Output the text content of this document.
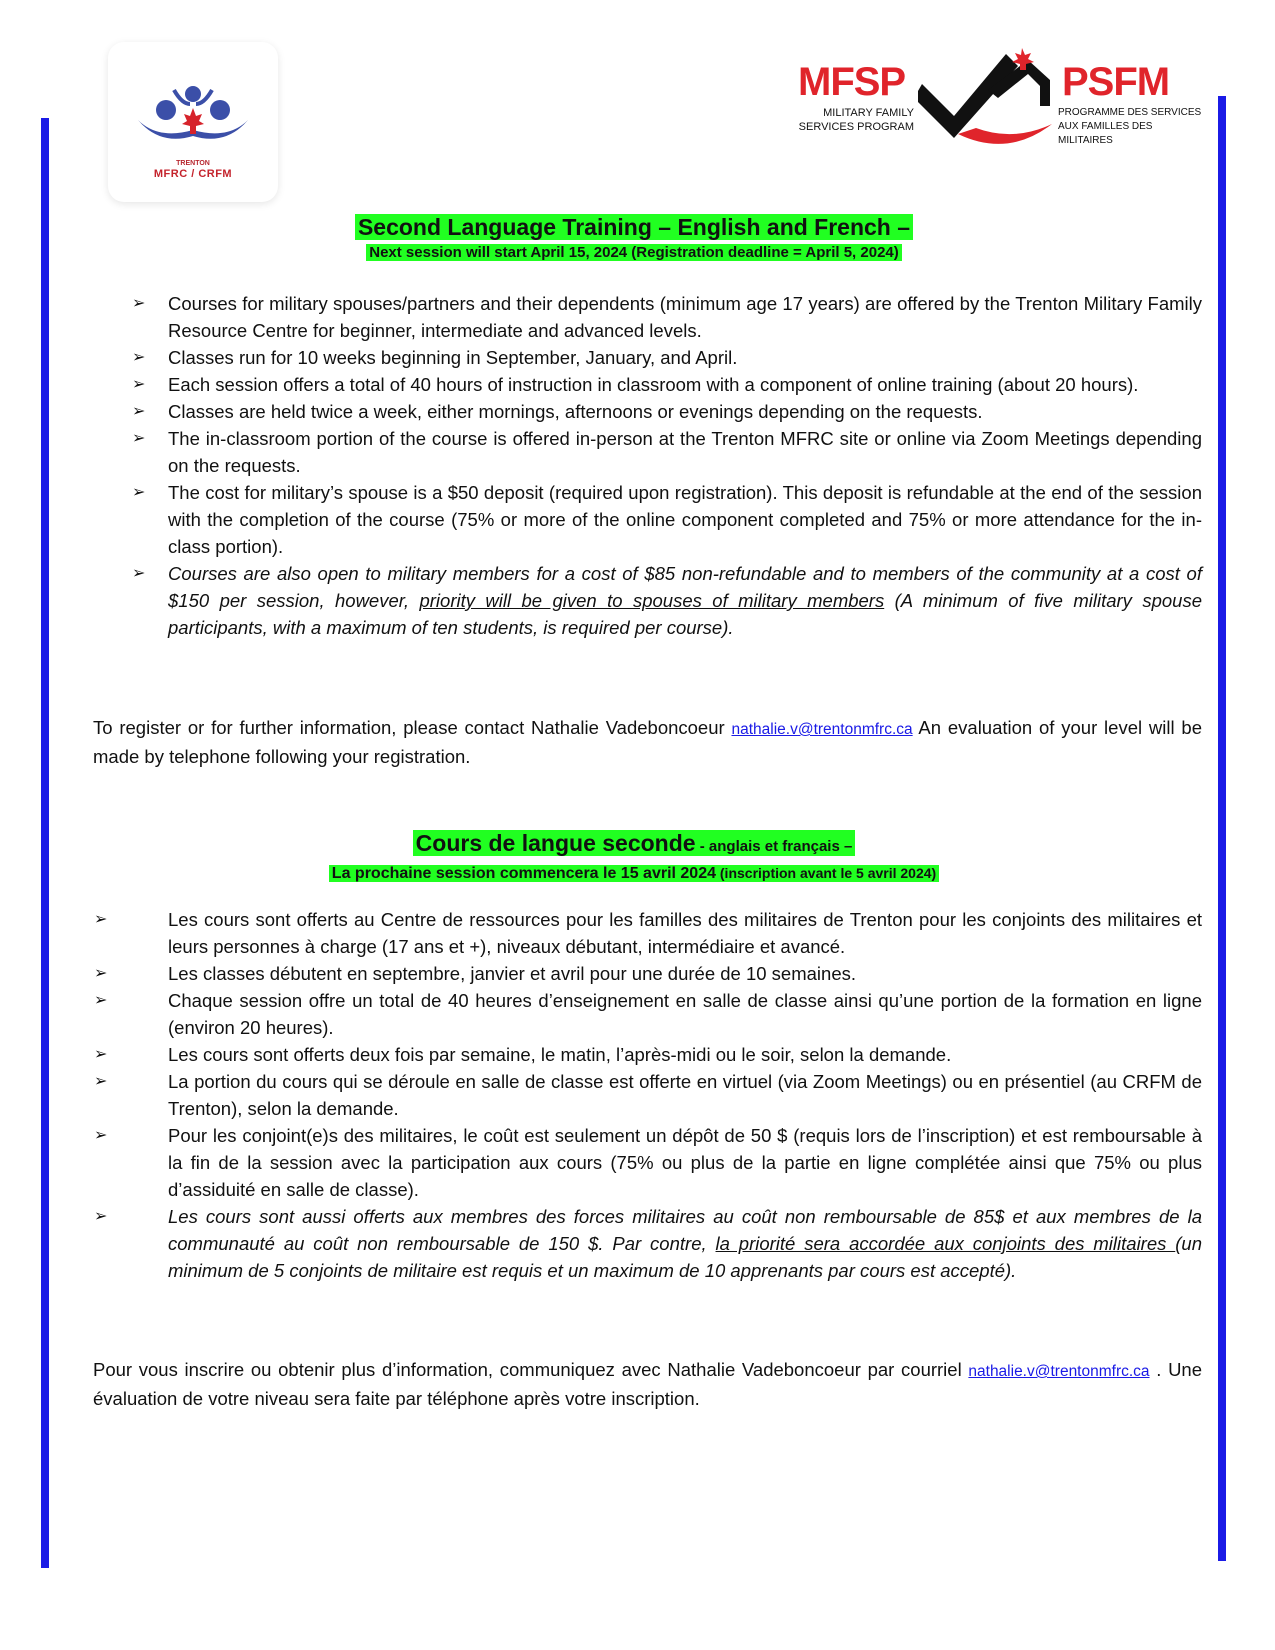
TRENTON
MFRC / CRFM
MFSP
MILITARY FAMILY
SERVICES PROGRAM
PSFM
PROGRAMME DES SERVICES
AUX FAMILLES DES MILITAIRES
Second Language Training – English and French –
Next session will start April 15, 2024 (Registration deadline = April 5, 2024)
➢ Courses for military spouses/partners and their dependents (minimum age 17 years) are offered by the Trenton Military Family Resource Centre for beginner, intermediate and advanced levels.
➢ Classes run for 10 weeks beginning in September, January, and April.
➢ Each session offers a total of 40 hours of instruction in classroom with a component of online training (about 20 hours).
➢ Classes are held twice a week, either mornings, afternoons or evenings depending on the requests.
➢ The in-classroom portion of the course is offered in-person at the Trenton MFRC site or online via Zoom Meetings depending on the requests.
➢ The cost for military’s spouse is a $50 deposit (required upon registration). This deposit is refundable at the end of the session with the completion of the course (75% or more of the online component completed and 75% or more attendance for the in-class portion).
➢ Courses are also open to military members for a cost of $85 non-refundable and to members of the community at a cost of $150 per session, however, priority will be given to spouses of military members (A minimum of five military spouse participants, with a maximum of ten students, is required per course).
To register or for further information, please contact Nathalie Vadeboncoeur nathalie.v@trentonmfrc.ca An evaluation of your level will be made by telephone following your registration.
Cours de langue seconde - anglais et français –
La prochaine session commencera le 15 avril 2024 (inscription avant le 5 avril 2024)
➢	Les cours sont offerts au Centre de ressources pour les familles des militaires de Trenton pour les conjoints des militaires et leurs personnes à charge (17 ans et +), niveaux débutant, intermédiaire et avancé.
➢	Les classes débutent en septembre, janvier et avril pour une durée de 10 semaines.
➢	Chaque session offre un total de 40 heures d’enseignement en salle de classe ainsi qu’une portion de la formation en ligne (environ 20 heures).
➢	Les cours sont offerts deux fois par semaine, le matin, l’après-midi ou le soir, selon la demande.
➢	La portion du cours qui se déroule en salle de classe est offerte en virtuel (via Zoom Meetings) ou en présentiel (au CRFM de Trenton), selon la demande.
➢	Pour les conjoint(e)s des militaires, le coût est seulement un dépôt de 50 $ (requis lors de l’inscription) et est remboursable à la fin de la session avec la participation aux cours (75% ou plus de la partie en ligne complétée ainsi que 75% ou plus d’assiduité en salle de classe).
➢	Les cours sont aussi offerts aux membres des forces militaires au coût non remboursable de 85$ et aux membres de la communauté au coût non remboursable de 150 $. Par contre, la priorité sera accordée aux conjoints des militaires (un minimum de 5 conjoints de militaire est requis et un maximum de 10 apprenants par cours est accepté).
Pour vous inscrire ou obtenir plus d’information, communiquez avec Nathalie Vadeboncoeur par courriel nathalie.v@trentonmfrc.ca . Une évaluation de votre niveau sera faite par téléphone après votre inscription.
